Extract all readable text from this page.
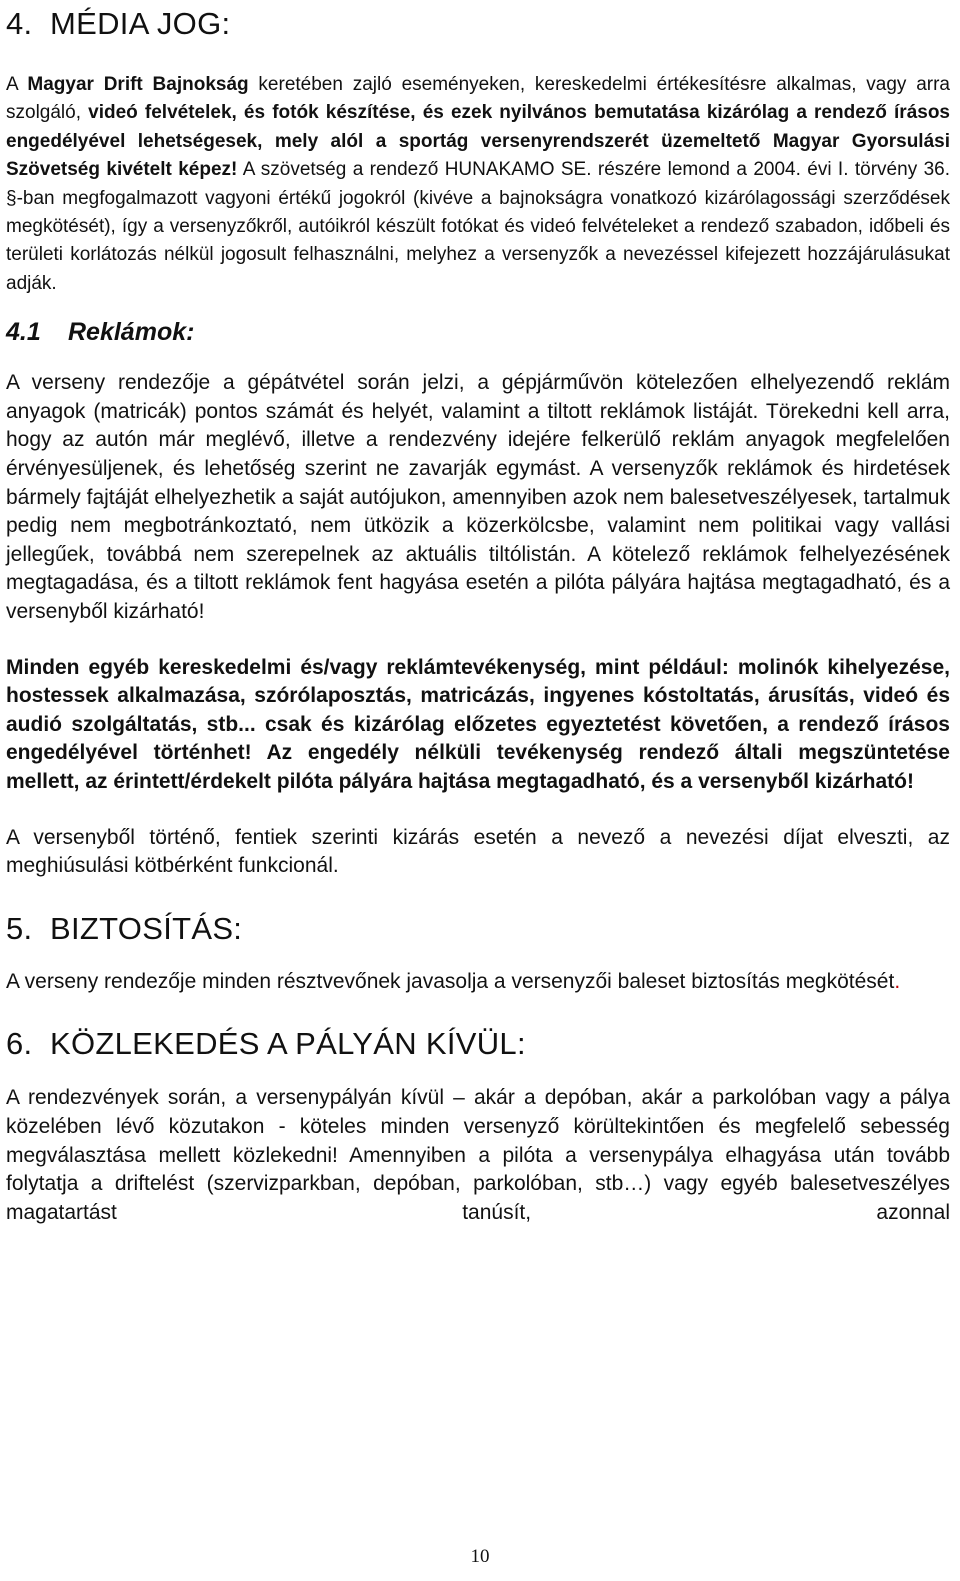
4. MÉDIA JOG:

A Magyar Drift Bajnokság keretében zajló eseményeken, kereskedelmi értékesítésre alkalmas, vagy arra szolgáló, videó felvételek, és fotók készítése, és ezek nyilvános bemutatása kizárólag a rendező írásos engedélyével lehetségesek, mely alól a sportág versenyrendszerét üzemeltető Magyar Gyorsulási Szövetség kivételt képez! A szövetség a rendező HUNAKAMO SE. részére lemond a 2004. évi I. törvény 36. §-ban megfogalmazott vagyoni értékű jogokról (kivéve a bajnokságra vonatkozó kizárólagossági szerződések megkötését), így a versenyzőkről, autóikról készült fotókat és videó felvételeket a rendező szabadon, időbeli és területi korlátozás nélkül jogosult felhasználni, melyhez a versenyzők a nevezéssel kifejezett hozzájárulásukat adják.

4.1 Reklámok:

A verseny rendezője a gépátvétel során jelzi, a gépjárművön kötelezően elhelyezendő reklám anyagok (matricák) pontos számát és helyét, valamint a tiltott reklámok listáját. Törekedni kell arra, hogy az autón már meglévő, illetve a rendezvény idejére felkerülő reklám anyagok megfelelően érvényesüljenek, és lehetőség szerint ne zavarják egymást. A versenyzők reklámok és hirdetések bármely fajtáját elhelyezhetik a saját autójukon, amennyiben azok nem balesetveszélyesek, tartalmuk pedig nem megbotránkoztató, nem ütközik a közerkölcsbe, valamint nem politikai vagy vallási jellegűek, továbbá nem szerepelnek az aktuális tiltólistán. A kötelező reklámok felhelyezésének megtagadása, és a tiltott reklámok fent hagyása esetén a pilóta pályára hajtása megtagadható, és a versenyből kizárható!

Minden egyéb kereskedelmi és/vagy reklámtevékenység, mint például: molinók kihelyezése, hostessek alkalmazása, szórólaposztás, matricázás, ingyenes kóstoltatás, árusítás, videó és audió szolgáltatás, stb... csak és kizárólag előzetes egyeztetést követően, a rendező írásos engedélyével történhet! Az engedély nélküli tevékenység rendező általi megszüntetése mellett, az érintett/érdekelt pilóta pályára hajtása megtagadható, és a versenyből kizárható!

A versenyből történő, fentiek szerinti kizárás esetén a nevező a nevezési díjat elveszti, az meghiúsulási kötbérként funkcionál.

5. BIZTOSÍTÁS:

A verseny rendezője minden résztvevőnek javasolja a versenyzői baleset biztosítás megkötését.

6. KÖZLEKEDÉS A PÁLYÁN KÍVÜL:

A rendezvények során, a versenypályán kívül – akár a depóban, akár a parkolóban vagy a pálya közelében lévő közutakon - köteles minden versenyző körültekintően és megfelelő sebesség megválasztása mellett közlekedni! Amennyiben a pilóta a versenypálya elhagyása után tovább folytatja a driftelést (szervizparkban, depóban, parkolóban, stb…) vagy egyéb balesetveszélyes magatartást tanúsít, azonnal

10
